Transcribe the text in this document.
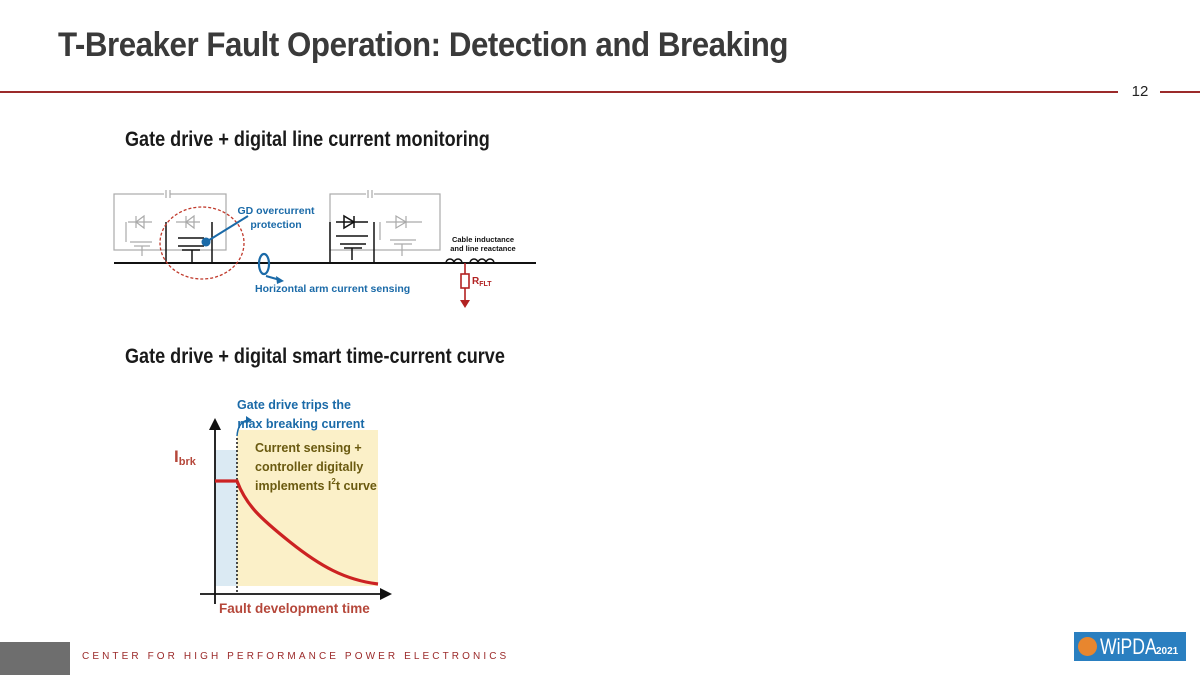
T-Breaker Fault Operation: Detection and Breaking
12
Gate drive + digital line current monitoring
GD overcurrent
protection
Horizontal arm current sensing
Cable inductance
and line reactance
$R_{FLT}$
Gate drive + digital smart time-current curve
Gate drive trips the
max breaking current
Current sensing +
controller digitally
implements $I^2t$ curve
Ibrk
Fault development time
CENTER FOR HIGH PERFORMANCE POWER ELECTRONICS	WiPDA 2021
